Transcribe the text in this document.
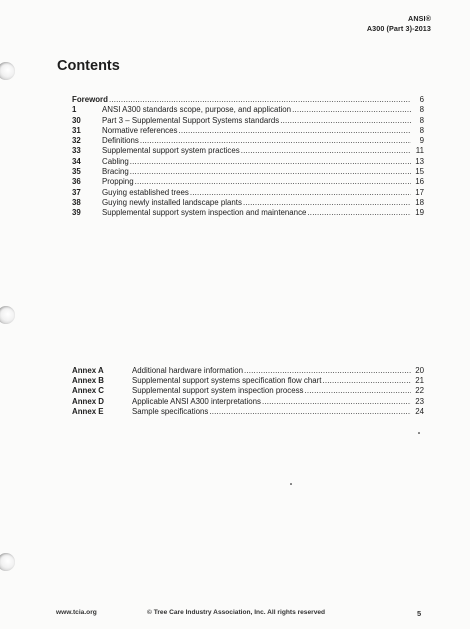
ANSI®
A300 (Part 3)-2013
Contents
Foreword .....	6
1	ANSI A300 standards scope, purpose, and application .....	8
30	Part 3 – Supplemental Support Systems standards .....	8
31	Normative references .....	8
32	Definitions .....	9
33	Supplemental support system practices .....	11
34	Cabling .....	13
35	Bracing .....	15
36	Propping .....	16
37	Guying established trees .....	17
38	Guying newly installed landscape plants .....	18
39	Supplemental support system inspection and maintenance .....	19
Annex A	Additional hardware information .....	20
Annex B	Supplemental support systems specification flow chart .....	21
Annex C	Supplemental support system inspection process .....	22
Annex D	Applicable ANSI A300 interpretations .....	23
Annex E	Sample specifications .....	24
www.tcia.org	© Tree Care Industry Association, Inc. All rights reserved	5
